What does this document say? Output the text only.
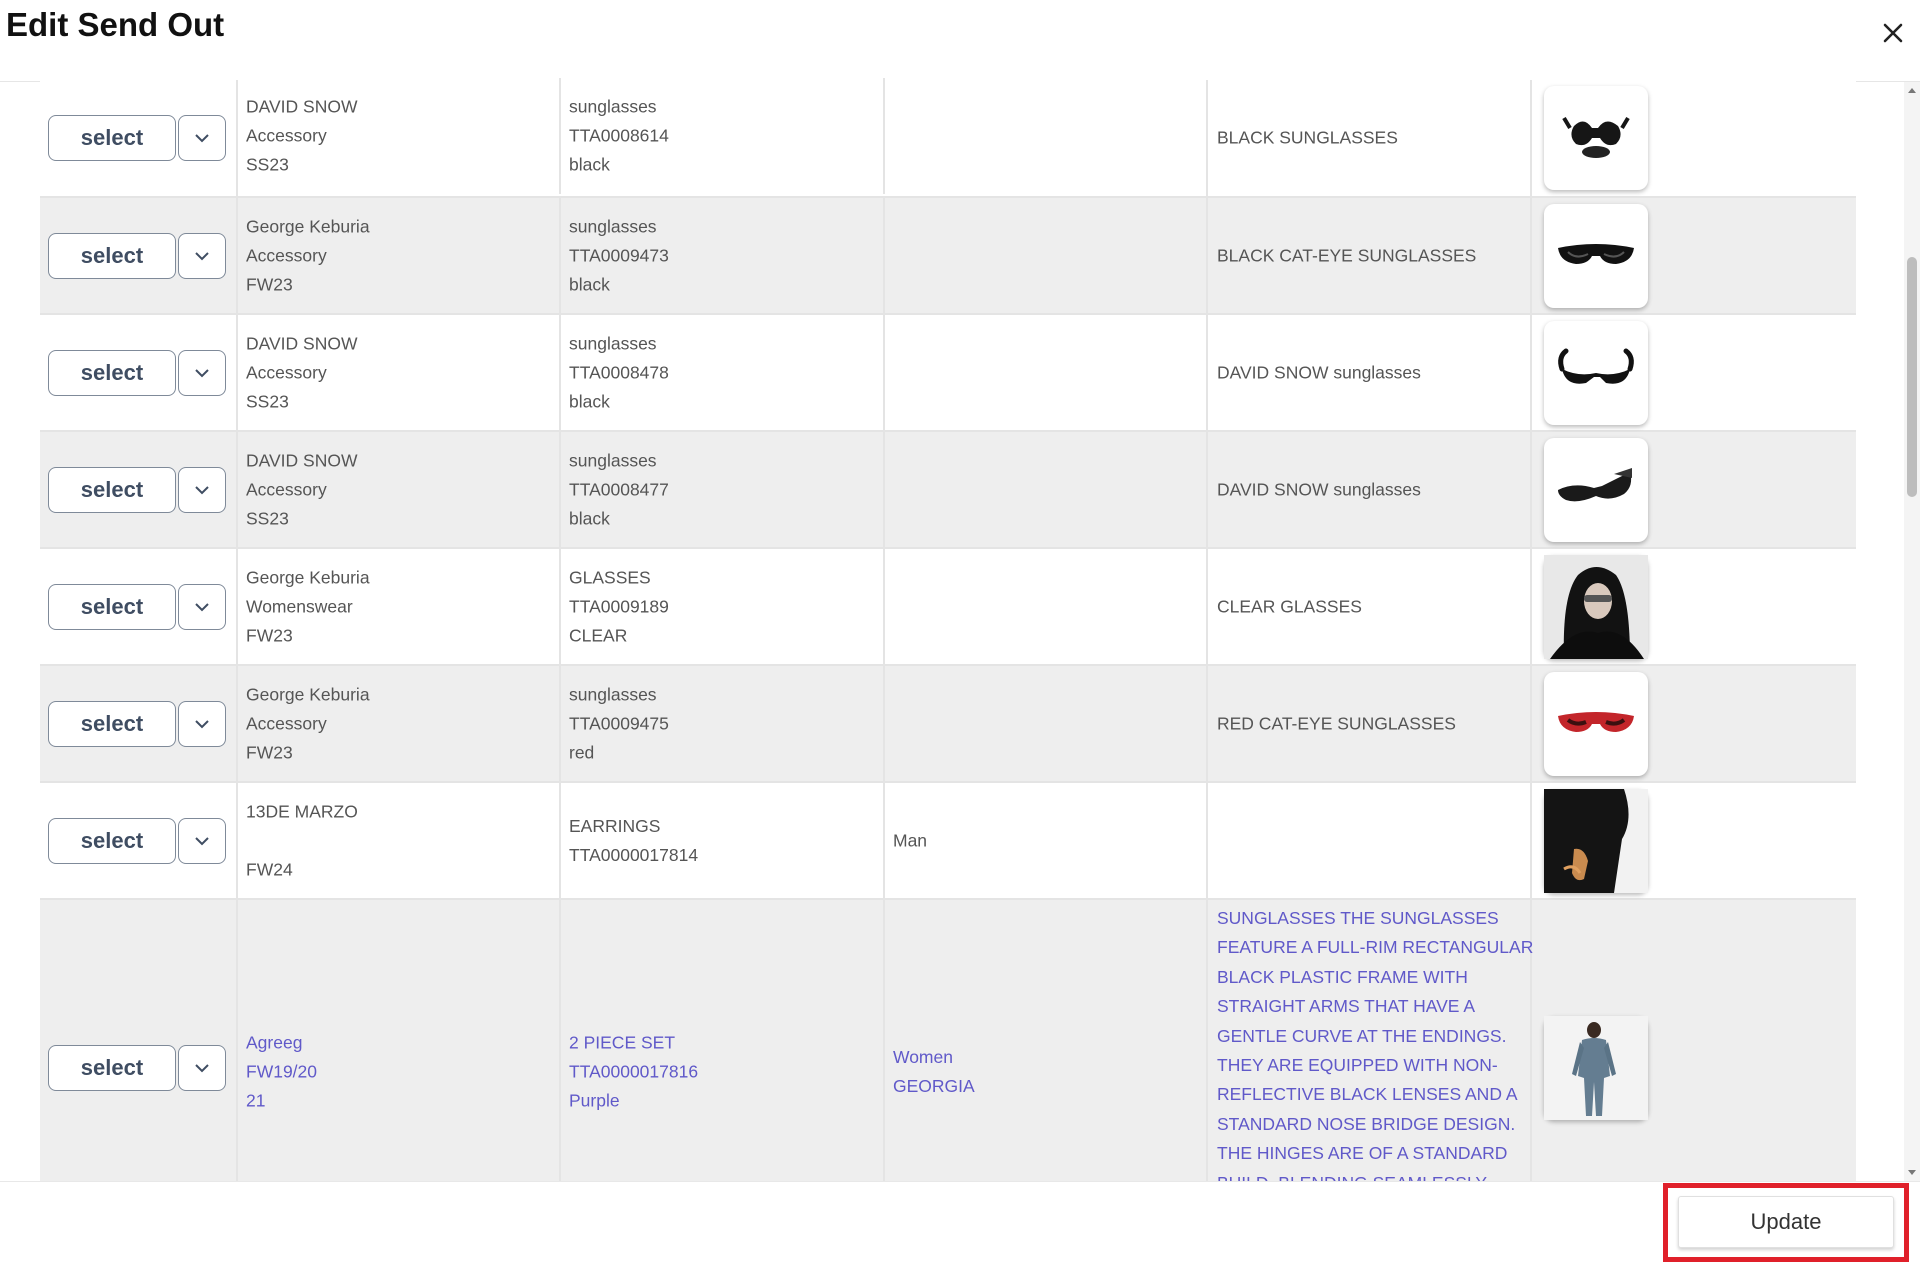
Edit Send Out
select
DAVID SNOW
Accessory
SS23
sunglasses
TTA0008614
black
BLACK SUNGLASSES
select
George Keburia
Accessory
FW23
sunglasses
TTA0009473
black
BLACK CAT-EYE SUNGLASSES
select
DAVID SNOW
Accessory
SS23
sunglasses
TTA0008478
black
DAVID SNOW sunglasses
select
DAVID SNOW
Accessory
SS23
sunglasses
TTA0008477
black
DAVID SNOW sunglasses
select
George Keburia
Womenswear
FW23
GLASSES
TTA0009189
CLEAR
CLEAR GLASSES
select
George Keburia
Accessory
FW23
sunglasses
TTA0009475
red
RED CAT-EYE SUNGLASSES
select
13DE MARZO
FW24
EARRINGS
TTA0000017814
Man
select
Agreeg
FW19/20
21
2 PIECE SET
TTA0000017816
Purple
Women
GEORGIA
SUNGLASSES THE SUNGLASSES
FEATURE A FULL-RIM RECTANGULAR
BLACK PLASTIC FRAME WITH
STRAIGHT ARMS THAT HAVE A
GENTLE CURVE AT THE ENDINGS.
THEY ARE EQUIPPED WITH NON-
REFLECTIVE BLACK LENSES AND A
STANDARD NOSE BRIDGE DESIGN.
THE HINGES ARE OF A STANDARD
Update
